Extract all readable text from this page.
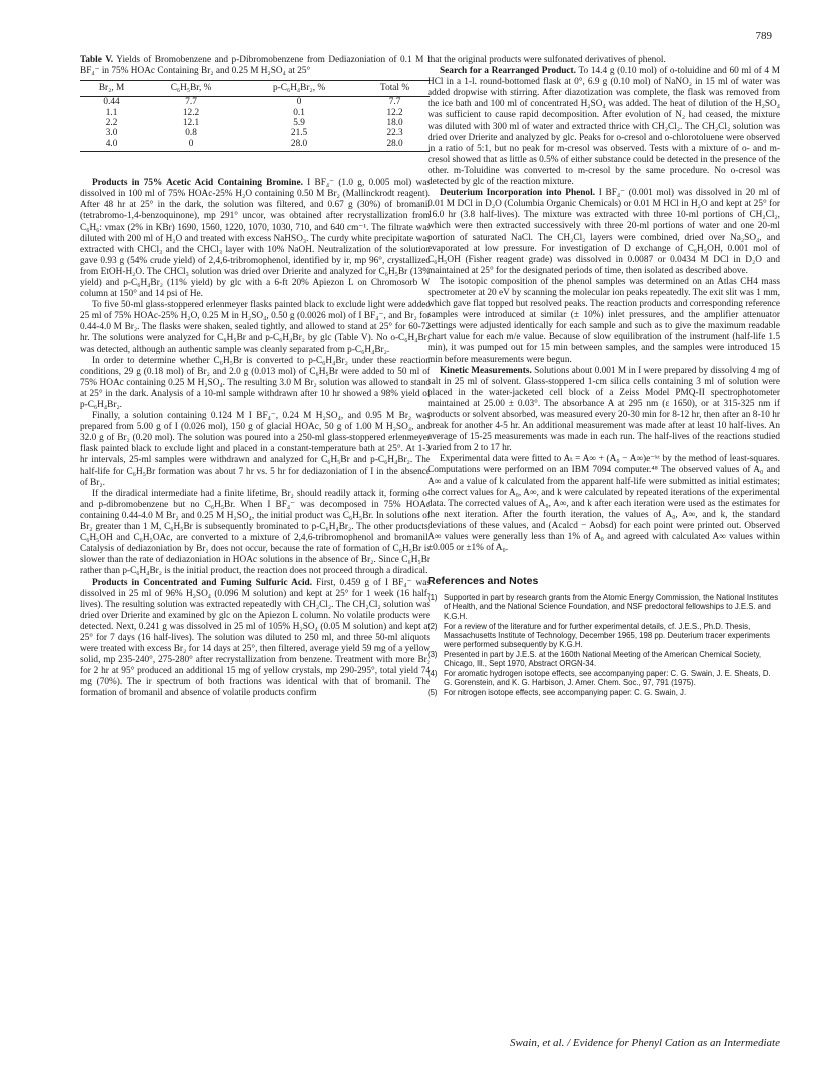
789
Table V. Yields of Bromobenzene and p-Dibromobenzene from Dediazoniation of 0.1 M I BF₄⁻ in 75% HOAc Containing Br₂ and 0.25 M H₂SO₄ at 25°
Br₂, M	C₆H₅Br, %	p-C₆H₄Br₂, %	Total %
0.44	7.7	0	7.7
1.1	12.2	0.1	12.2
2.2	12.1	5.9	18.0
3.0	0.8	21.5	22.3
4.0	0	28.0	28.0

Products in 75% Acetic Acid Containing Bromine. I BF₄⁻ (1.0 g, 0.005 mol) was dissolved in 100 ml of 75% HOAc-25% H₂O containing 0.50 M Br₂ (Mallinckrodt reagent). After 48 hr at 25° in the dark, the solution was filtered, and 0.67 g (30%) of bromanil (tetrabromo-1,4-benzoquinone), mp 291° uncor, was obtained after recrystallization from C₆H₆: νmax (2% in KBr) 1690, 1560, 1220, 1070, 1030, 710, and 640 cm⁻¹. The filtrate was diluted with 200 ml of H₂O and treated with excess NaHSO₃. The curdy white precipitate was extracted with CHCl₃ and the CHCl₃ layer with 10% NaOH. Neutralization of the solution gave 0.93 g (54% crude yield) of 2,4,6-tribromophenol, identified by ir, mp 96°, crystallized from EtOH-H₂O. The CHCl₃ solution was dried over Drierite and analyzed for C₆H₅Br (13% yield) and p-C₆H₄Br₂ (11% yield) by glc with a 6-ft 20% Apiezon L on Chromosorb W column at 150° and 14 psi of He.

To five 50-ml glass-stoppered erlenmeyer flasks painted black to exclude light were added 25 ml of 75% HOAc-25% H₂O, 0.25 M in H₂SO₄, 0.50 g (0.0026 mol) of I BF₄⁻, and Br₂ for 0.44-4.0 M Br₂. The flasks were shaken, sealed tightly, and allowed to stand at 25° for 60-72 hr. The solutions were analyzed for C₆H₅Br and p-C₆H₄Br₂ by glc (Table V). No o-C₆H₄Br₂ was detected, although an authentic sample was cleanly separated from p-C₆H₄Br₂.

In order to determine whether C₆H₅Br is converted to p-C₆H₄Br₂ under these reaction conditions, 29 g (0.18 mol) of Br₂ and 2.0 g (0.013 mol) of C₆H₅Br were added to 50 ml of 75% HOAc containing 0.25 M H₂SO₄. The resulting 3.0 M Br₂ solution was allowed to stand at 25° in the dark. Analysis of a 10-ml sample withdrawn after 10 hr showed a 98% yield of p-C₆H₄Br₂.

Finally, a solution containing 0.124 M I BF₄⁻, 0.24 M H₂SO₄, and 0.95 M Br₂ was prepared from 5.00 g of I (0.026 mol), 150 g of glacial HOAc, 50 g of 1.00 M H₂SO₄, and 32.0 g of Br₂ (0.20 mol). The solution was poured into a 250-ml glass-stoppered erlenmeyer flask painted black to exclude light and placed in a constant-temperature bath at 25°. At 1-3 hr intervals, 25-ml samples were withdrawn and analyzed for C₆H₅Br and p-C₆H₄Br₂. The half-life for C₆H₅Br formation was about 7 hr vs. 5 hr for dediazoniation of I in the absence of Br₂.

If the diradical intermediate had a finite lifetime, Br₂ should readily attack it, forming o- and p-dibromobenzene but no C₆H₅Br. When I BF₄⁻ was decomposed in 75% HOAc containing 0.44-4.0 M Br₂ and 0.25 M H₂SO₄, the initial product was C₆H₅Br. In solutions of Br₂ greater than 1 M, C₆H₅Br is subsequently brominated to p-C₆H₄Br₂. The other products, C₆H₅OH and C₆H₅OAc, are converted to a mixture of 2,4,6-tribromophenol and bromanil. Catalysis of dediazoniation by Br₂ does not occur, because the rate of formation of C₆H₅Br is slower than the rate of dediazoniation in HOAc solutions in the absence of Br₂. Since C₆H₅Br rather than p-C₆H₄Br₂ is the initial product, the reaction does not proceed through a diradical.

Products in Concentrated and Fuming Sulfuric Acid. First, 0.459 g of I BF₄⁻ was dissolved in 25 ml of 96% H₂SO₄ (0.096 M solution) and kept at 25° for 1 week (16 half-lives). The resulting solution was extracted repeatedly with CH₂Cl₂. The CH₂Cl₂ solution was dried over Drierite and examined by glc on the Apiezon L column. No volatile products were detected. Next, 0.241 g was dissolved in 25 ml of 105% H₂SO₄ (0.05 M solution) and kept at 25° for 7 days (16 half-lives). The solution was diluted to 250 ml, and three 50-ml aliquots were treated with excess Br₂ for 14 days at 25°, then filtered, average yield 59 mg of a yellow solid, mp 235-240°, 275-280° after recrystallization from benzene. Treatment with more Br₂ for 2 hr at 95° produced an additional 15 mg of yellow crystals, mp 290-295°, total yield 74 mg (70%). The ir spectrum of both fractions was identical with that of bromanil. The formation of bromanil and absence of volatile products confirm

that the original products were sulfonated derivatives of phenol.

Search for a Rearranged Product. To 14.4 g (0.10 mol) of o-toluidine and 60 ml of 4 M HCl in a 1-l. round-bottomed flask at 0°, 6.9 g (0.10 mol) of NaNO₂ in 15 ml of water was added dropwise with stirring. After diazotization was complete, the flask was removed from the ice bath and 100 ml of concentrated H₂SO₄ was added. The heat of dilution of the H₂SO₄ was sufficient to cause rapid decomposition. After evolution of N₂ had ceased, the mixture was diluted with 300 ml of water and extracted thrice with CH₂Cl₂. The CH₂Cl₂ solution was dried over Drierite and analyzed by glc. Peaks for o-cresol and o-chlorotoluene were observed in a ratio of 5:1, but no peak for m-cresol was observed. Tests with a mixture of o- and m-cresol showed that as little as 0.5% of either substance could be detected in the presence of the other. m-Toluidine was converted to m-cresol by the same procedure. No o-cresol was detected by glc of the reaction mixture.

Deuterium Incorporation into Phenol. I BF₄⁻ (0.001 mol) was dissolved in 20 ml of 0.01 M DCl in D₂O (Columbia Organic Chemicals) or 0.01 M HCl in H₂O and kept at 25° for 16.0 hr (3.8 half-lives). The mixture was extracted with three 10-ml portions of CH₂Cl₂, which were then extracted successively with three 20-ml portions of water and one 20-ml portion of saturated NaCl. The CH₂Cl₂ layers were combined, dried over Na₂SO₄, and evaporated at low pressure. For investigation of D exchange of C₆H₅OH, 0.001 mol of C₆H₅OH (Fisher reagent grade) was dissolved in 0.0087 or 0.0434 M DCl in D₂O and maintained at 25° for the designated periods of time, then isolated as described above.

The isotopic composition of the phenol samples was determined on an Atlas CH4 mass spectrometer at 20 eV by scanning the molecular ion peaks repeatedly. The exit slit was 1 mm, which gave flat topped but resolved peaks. The reaction products and corresponding reference samples were introduced at similar (± 10%) inlet pressures, and the amplifier attenuator settings were adjusted identically for each sample and such as to give the maximum readable chart value for each m/e value. Because of slow equilibration of the instrument (half-life 1.5 min), it was pumped out for 15 min between samples, and the samples were introduced 15 min before measurements were begun.

Kinetic Measurements. Solutions about 0.001 M in I were prepared by dissolving 4 mg of salt in 25 ml of solvent. Glass-stoppered 1-cm silica cells containing 3 ml of solution were placed in the water-jacketed cell block of a Zeiss Model PMQ-II spectrophotometer maintained at 25.00 ± 0.03°. The absorbance A at 295 nm (ε 1650), or at 315-325 nm if products or solvent absorbed, was measured every 20-30 min for 8-12 hr, then after an 8-10 hr break for another 4-5 hr. An additional measurement was made after at least 10 half-lives. An average of 15-25 measurements was made in each run. The half-lives of the reactions studied varied from 2 to 17 hr.

Experimental data were fitted to Aₜ = A∞ + (A₀ − A∞)e⁻ᵏᵗ by the method of least-squares. Computations were performed on an IBM 7094 computer.⁴⁸ The observed values of A₀ and A∞ and a value of k calculated from the apparent half-life were submitted as initial estimates; the correct values for A₀, A∞, and k were calculated by repeated iterations of the experimental data. The corrected values of A₀, A∞, and k after each iteration were used as the estimates for the next iteration. After the fourth iteration, the values of A₀, A∞, and k, the standard deviations of these values, and (Acalcd − Aobsd) for each point were printed out. Observed A∞ values were generally less than 1% of A₀ and agreed with calculated A∞ values within ±0.005 or ±1% of A₀.

References and Notes
(1) Supported in part by research grants from the Atomic Energy Commission, the National Institutes of Health, and the National Science Foundation, and NSF predoctoral fellowships to J.E.S. and K.G.H.
(2) For a review of the literature and for further experimental details, cf. J.E.S., Ph.D. Thesis, Massachusetts Institute of Technology, December 1965, 198 pp. Deuterium tracer experiments were performed subsequently by K.G.H.
(3) Presented in part by J.E.S. at the 160th National Meeting of the American Chemical Society, Chicago, Ill., Sept 1970, Abstract ORGN-34.
(4) For aromatic hydrogen isotope effects, see accompanying paper: C. G. Swain, J. E. Sheats, D. G. Gorenstein, and K. G. Harbison, J. Amer. Chem. Soc., 97, 791 (1975).
(5) For nitrogen isotope effects, see accompanying paper: C. G. Swain, J.
Swain, et al. / Evidence for Phenyl Cation as an Intermediate
